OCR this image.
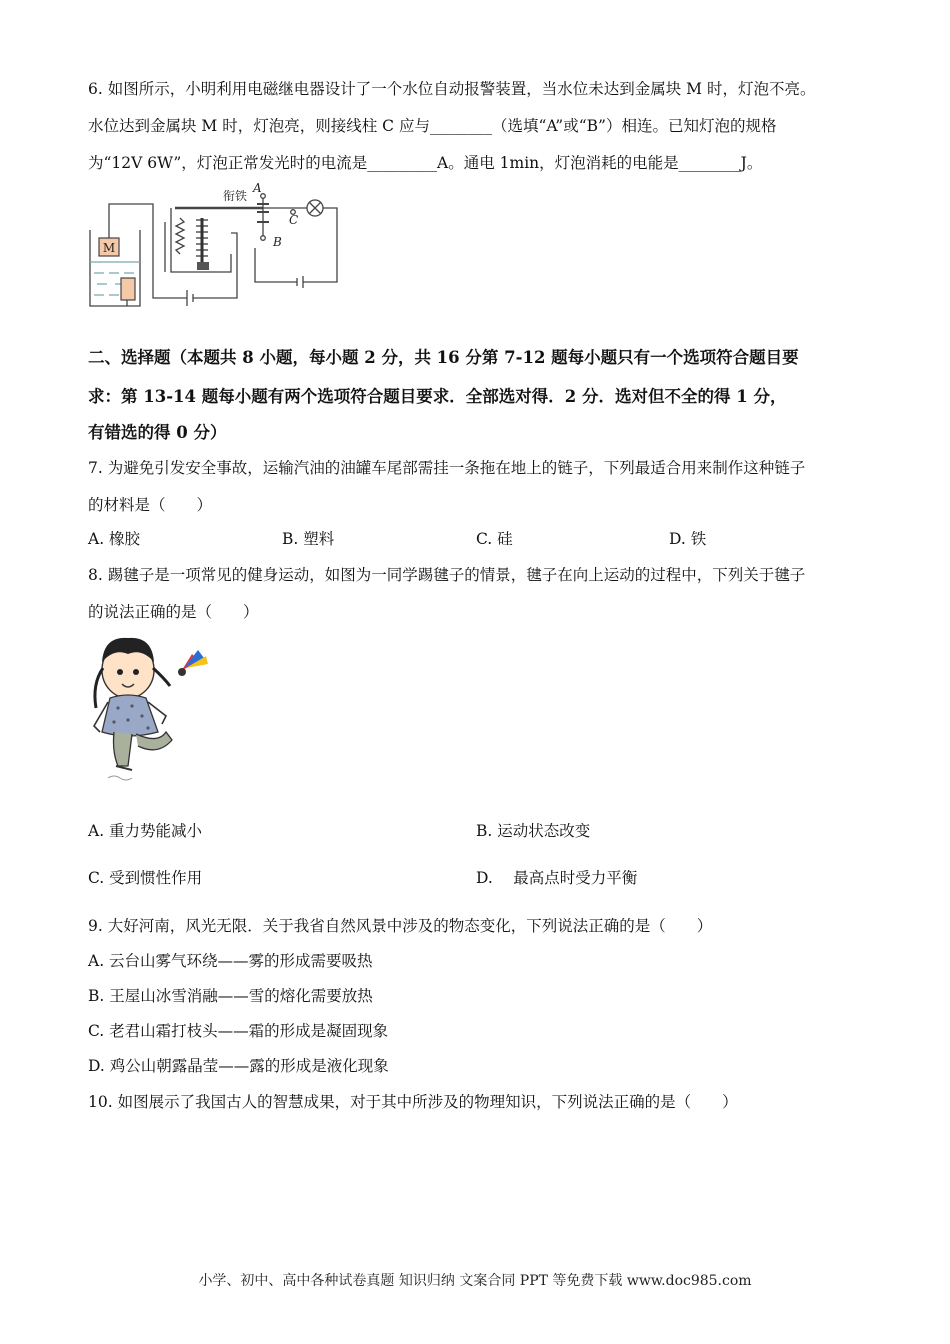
6. 如图所示，小明利用电磁继电器设计了一个水位自动报警装置，当水位未达到金属块 M 时，灯泡不亮。
水位达到金属块 M 时，灯泡亮，则接线柱 C 应与________（选填“A”或“B”）相连。已知灯泡的规格
为“12V 6W”，灯泡正常发光时的电流是_________A。通电 1min，灯泡消耗的电能是________J。
M
衔铁
A
B
C
二、选择题（本题共 8 小题，每小题 2 分，共 16 分第 7-12 题每小题只有一个选项符合题目要
求：第 13-14 题每小题有两个选项符合题目要求．全部选对得．2 分．选对但不全的得 1 分，
有错选的得 0 分）
7. 为避免引发安全事故，运输汽油的油罐车尾部需挂一条拖在地上的链子，下列最适合用来制作这种链子
的材料是（　　）
A. 橡胶	B. 塑料	C. 硅	D. 铁
8. 踢毽子是一项常见的健身运动，如图为一同学踢毽子的情景，毽子在向上运动的过程中，下列关于毽子
的说法正确的是（　　）
A. 重力势能减小	B. 运动状态改变
C. 受到惯性作用	D.　 最高点时受力平衡
9. 大好河南，风光无限．关于我省自然风景中涉及的物态变化，下列说法正确的是（　　）
A. 云台山雾气环绕——雾的形成需要吸热
B. 王屋山冰雪消融——雪的熔化需要放热
C. 老君山霜打枝头——霜的形成是凝固现象
D. 鸡公山朝露晶莹——露的形成是液化现象
10. 如图展示了我国古人的智慧成果，对于其中所涉及的物理知识，下列说法正确的是（　　）
小学、初中、高中各种试卷真题 知识归纳 文案合同 PPT 等免费下载 www.doc985.com
